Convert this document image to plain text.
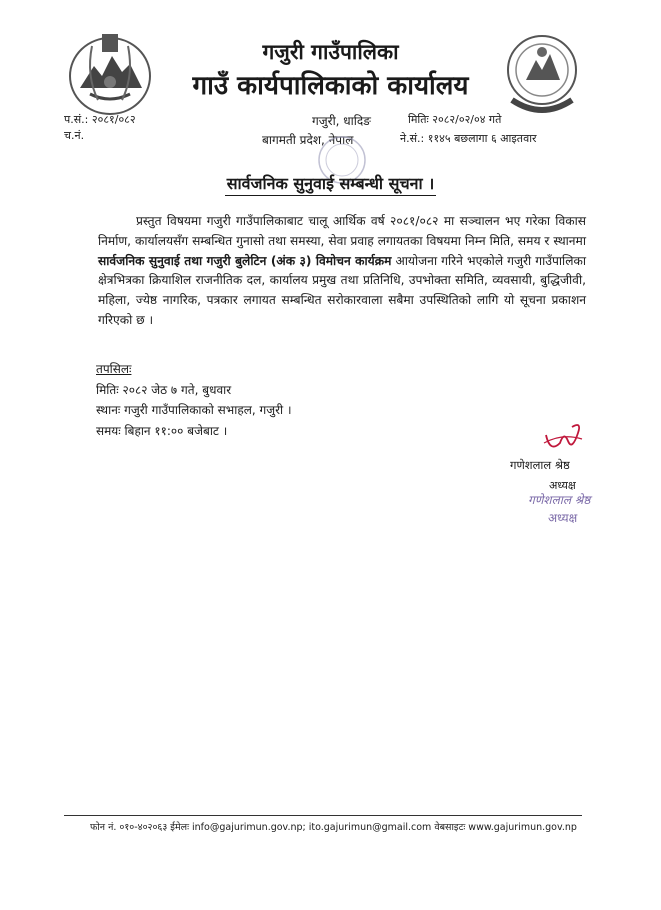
गजुरी गाउँपालिका
गाउँ कार्यपालिकाको कार्यालय
प.सं.: २०८१/०८२
च.नं.
गजुरी, धादिङ
बागमती प्रदेश, नेपाल
मितिः २०८२/०२/०४ गते
ने.सं.: ११४५ बछलागा ६ आइतवार
सार्वजनिक सुनुवाई सम्बन्धी सूचना ।
प्रस्तुत विषयमा गजुरी गाउँपालिकाबाट चालू आर्थिक वर्ष २०८१/०८२ मा सञ्चालन भए गरेका विकास निर्माण, कार्यालयसँग सम्बन्धित गुनासो तथा समस्या, सेवा प्रवाह लगायतका विषयमा निम्न मिति, समय र स्थानमा सार्वजनिक सुनुवाई तथा गजुरी बुलेटिन (अंक ३) विमोचन कार्यक्रम आयोजना गरिने भएकोले गजुरी गाउँपालिका क्षेत्रभित्रका क्रियाशिल राजनीतिक दल, कार्यालय प्रमुख तथा प्रतिनिधि, उपभोक्ता समिति, व्यवसायी, बुद्धिजीवी, महिला, ज्येष्ठ नागरिक, पत्रकार लगायत सम्बन्धित सरोकारवाला सबैमा उपस्थितिको लागि यो सूचना प्रकाशन गरिएको छ ।
तपसिलः
मितिः २०८२ जेठ ७ गते, बुधवार
स्थानः गजुरी गाउँपालिकाको सभाहल, गजुरी ।
समयः बिहान ११:०० बजेबाट ।
गणेशलाल श्रेष्ठ
अध्यक्ष
गणेशलाल श्रेष्ठ
अध्यक्ष
फोन नं. ०१०-४०२०६३ ईमेलः info@gajurimun.gov.np; ito.gajurimun@gmail.com वेबसाइटः www.gajurimun.gov.np
